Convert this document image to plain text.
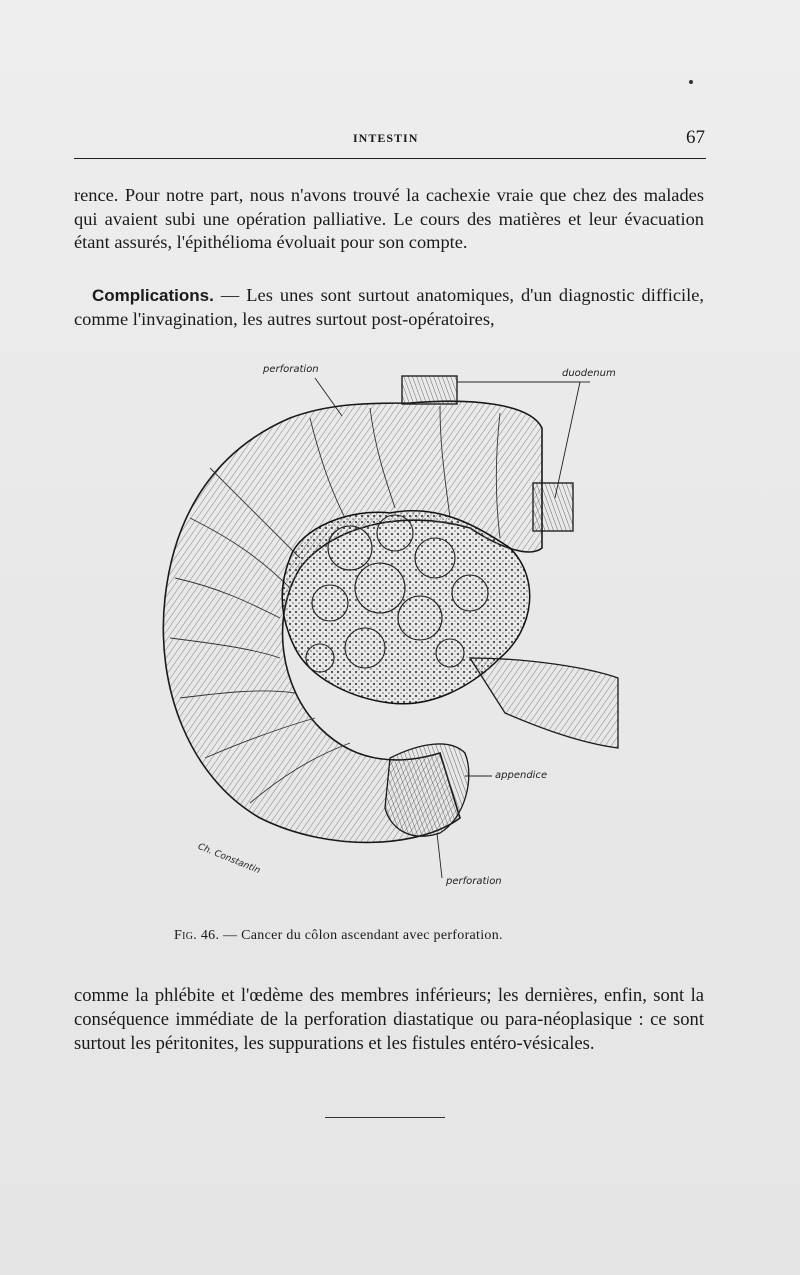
INTESTIN	67

rence. Pour notre part, nous n'avons trouvé la cachexie vraie que chez des malades qui avaient subi une opération palliative. Le cours des matières et leur évacuation étant assurés, l'épithélioma évoluait pour son compte.

Complications. — Les unes sont surtout anatomiques, d'un diagnostic difficile, comme l'invagination, les autres surtout post-opératoires,

perforation	duodenum
appendice
perforation
Ch. Constantin
Fig. 46. — Cancer du côlon ascendant avec perforation.

comme la phlébite et l'œdème des membres inférieurs; les dernières, enfin, sont la conséquence immédiate de la perforation diastatique ou para-néoplasique : ce sont surtout les péritonites, les suppurations et les fistules entéro-vésicales.
